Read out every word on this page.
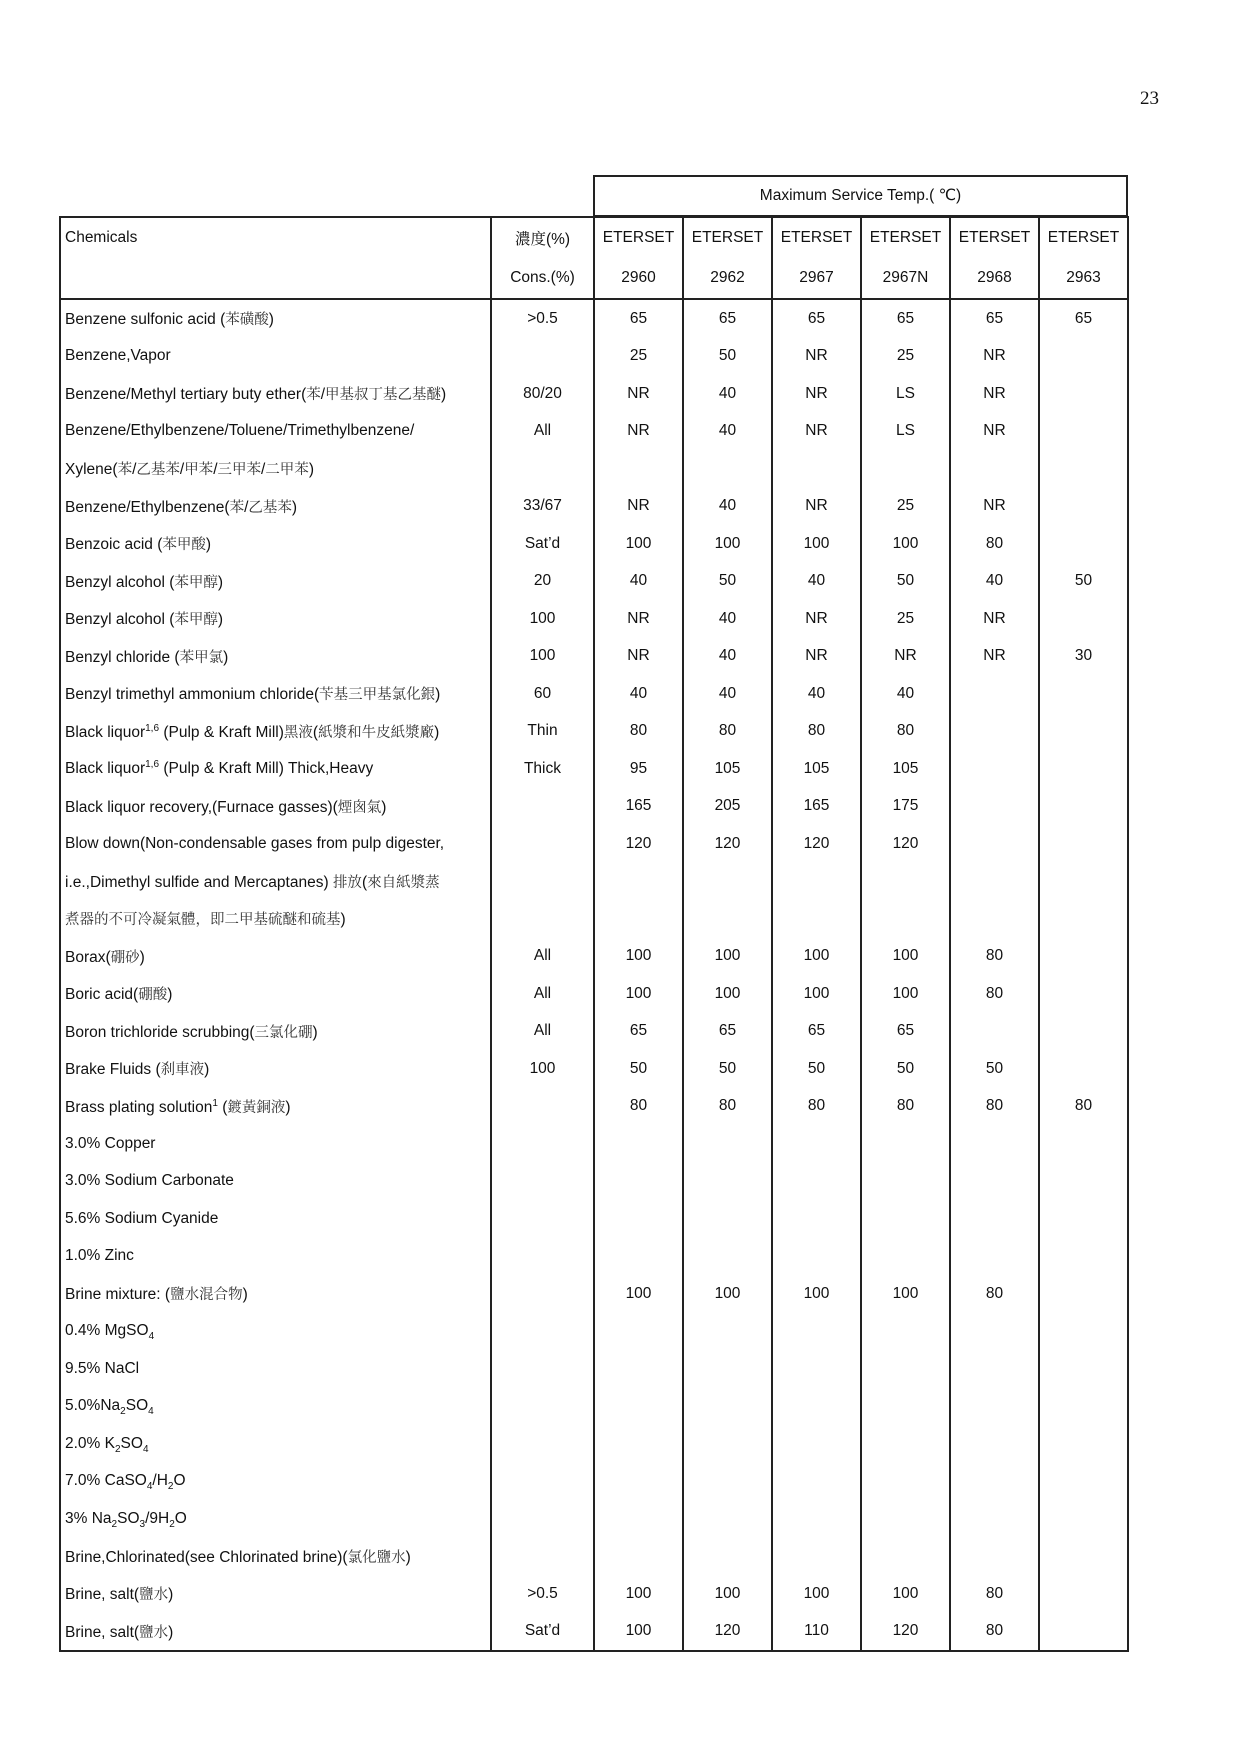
23
Maximum Service Temp.( ℃)
Chemicals	濃度(%)	ETERSET	ETERSET	ETERSET	ETERSET	ETERSET	ETERSET
	Cons.(%)	2960	2962	2967	2967N	2968	2963
Benzene sulfonic acid (苯磺酸)	>0.5	65	65	65	65	65	65
Benzene,Vapor		25	50	NR	25	NR	
Benzene/Methyl tertiary buty ether(苯/甲基叔丁基乙基醚)	80/20	NR	40	NR	LS	NR	
Benzene/Ethylbenzene/Toluene/Trimethylbenzene/	All	NR	40	NR	LS	NR	
Xylene(苯/乙基苯/甲苯/三甲苯/二甲苯)							
Benzene/Ethylbenzene(苯/乙基苯)	33/67	NR	40	NR	25	NR	
Benzoic acid (苯甲酸)	Sat’d	100	100	100	100	80	
Benzyl alcohol (苯甲醇)	20	40	50	40	50	40	50
Benzyl alcohol (苯甲醇)	100	NR	40	NR	25	NR	
Benzyl chloride (苯甲氯)	100	NR	40	NR	NR	NR	30
Benzyl trimethyl ammonium chloride(苄基三甲基氯化銀)	60	40	40	40	40		
Black liquor$^{1,6}$ (Pulp & Kraft Mill)黑液(紙漿和牛皮紙漿廠)	Thin	80	80	80	80		
Black liquor$^{1,6}$ (Pulp & Kraft Mill) Thick,Heavy	Thick	95	105	105	105		
Black liquor recovery,(Furnace gasses)(煙囪氣)		165	205	165	175		
Blow down(Non-condensable gases from pulp digester,		120	120	120	120		
i.e.,Dimethyl sulfide and Mercaptanes) 排放(來自紙漿蒸							
煮器的不可冷凝氣體，即二甲基硫醚和硫基)							
Borax(硼砂)	All	100	100	100	100	80	
Boric acid(硼酸)	All	100	100	100	100	80	
Boron trichloride scrubbing(三氯化硼)	All	65	65	65	65		
Brake Fluids (刹車液)	100	50	50	50	50	50	
Brass plating solution$^1$ (鍍黃銅液)		80	80	80	80	80	80
3.0% Copper							
3.0% Sodium Carbonate							
5.6% Sodium Cyanide							
1.0% Zinc							
Brine mixture: (鹽水混合物)		100	100	100	100	80	
0.4% MgSO$_4$							
9.5% NaCl							
$5.0\%Na_2SO_4$							
2.0% $K_2SO_4$							
7.0% $CaSO_4/H_2O$							
3% $Na_2SO_3/9H_2O$							
Brine,Chlorinated(see Chlorinated brine)(氯化鹽水)							
Brine, salt(鹽水)	>0.5	100	100	100	100	80	
Brine, salt(鹽水)	Sat’d	100	120	110	120	80	
